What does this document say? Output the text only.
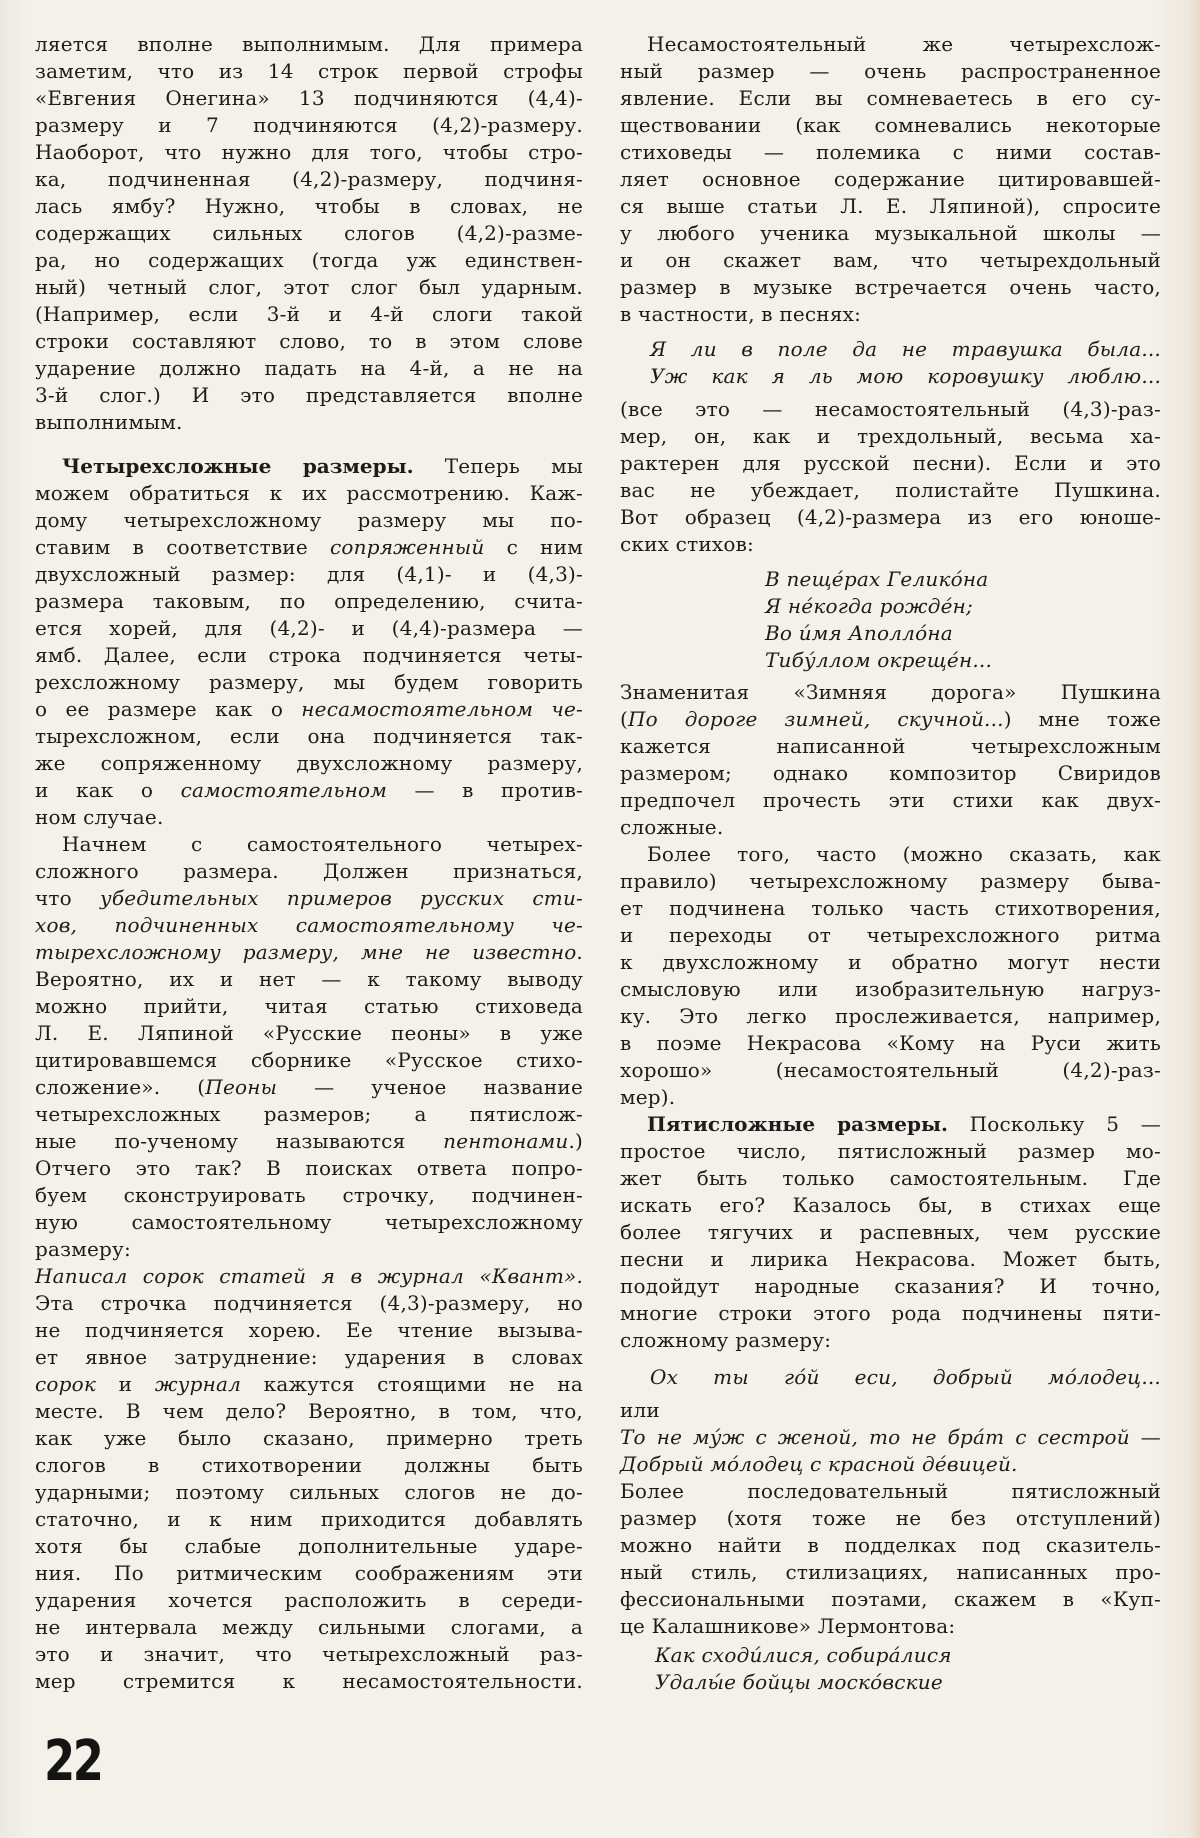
ляется вполне выполнимым. Для примера
заметим, что из 14 строк первой строфы
«Евгения Онегина» 13 подчиняются (4,4)-
размеру и 7 подчиняются (4,2)-размеру.
Наоборот, что нужно для того, чтобы стро-
ка, подчиненная (4,2)-размеру, подчиня-
лась ямбу? Нужно, чтобы в словах, не
содержащих сильных слогов (4,2)-разме-
ра, но содержащих (тогда уж единствен-
ный) четный слог, этот слог был ударным.
(Например, если 3-й и 4-й слоги такой
строки составляют слово, то в этом слове
ударение должно падать на 4-й, а не на
3-й слог.) И это представляется вполне
выполнимым.
Четырехсложные размеры. Теперь мы
можем обратиться к их рассмотрению. Каж-
дому четырехсложному размеру мы по-
ставим в соответствие сопряженный с ним
двухсложный размер: для (4,1)- и (4,3)-
размера таковым, по определению, счита-
ется хорей, для (4,2)- и (4,4)-размера —
ямб. Далее, если строка подчиняется четы-
рехсложному размеру, мы будем говорить
о ее размере как о несамостоятельном че-
тырехсложном, если она подчиняется так-
же сопряженному двухсложному размеру,
и как о самостоятельном — в против-
ном случае.
Начнем с самостоятельного четырех-
сложного размера. Должен признаться,
что убедительных примеров русских сти-
хов, подчиненных самостоятельному че-
тырехсложному размеру, мне не известно.
Вероятно, их и нет — к такому выводу
можно прийти, читая статью стиховеда
Л. Е. Ляпиной «Русские пеоны» в уже
цитировавшемся сборнике «Русское стихо-
сложение». (Пеоны — ученое название
четырехсложных размеров; а пятислож-
ные по-ученому называются пентонами.)
Отчего это так? В поисках ответа попро-
буем сконструировать строчку, подчинен-
ную самостоятельному четырехсложному
размеру:
Написал сорок статей я в журнал «Квант».
Эта строчка подчиняется (4,3)-размеру, но
не подчиняется хорею. Ее чтение вызыва-
ет явное затруднение: ударения в словах
сорок и журнал кажутся стоящими не на
месте. В чем дело? Вероятно, в том, что,
как уже было сказано, примерно треть
слогов в стихотворении должны быть
ударными; поэтому сильных слогов не до-
статочно, и к ним приходится добавлять
хотя бы слабые дополнительные ударе-
ния. По ритмическим соображениям эти
ударения хочется расположить в середи-
не интервала между сильными слогами, а
это и значит, что четырехсложный раз-
мер стремится к несамостоятельности.
Несамостоятельный же четырехслож-
ный размер — очень распространенное
явление. Если вы сомневаетесь в его су-
ществовании (как сомневались некоторые
стиховеды — полемика с ними состав-
ляет основное содержание цитировавшей-
ся выше статьи Л. Е. Ляпиной), спросите
у любого ученика музыкальной школы —
и он скажет вам, что четырехдольный
размер в музыке встречается очень часто,
в частности, в песнях:
Я ли в поле да не травушка была...
Уж как я ль мою коровушку люблю...
(все это — несамостоятельный (4,3)-раз-
мер, он, как и трехдольный, весьма ха-
рактерен для русской песни). Если и это
вас не убеждает, полистайте Пушкина.
Вот образец (4,2)-размера из его юноше-
ских стихов:
В пеще́рах Гелико́на
Я не́когда рожде́н;
Во и́мя Аполло́на
Тибу́ллом окреще́н...
Знаменитая «Зимняя дорога» Пушкина
(По дороге зимней, скучной...) мне тоже
кажется написанной четырехсложным
размером; однако композитор Свиридов
предпочел прочесть эти стихи как двух-
сложные.
Более того, часто (можно сказать, как
правило) четырехсложному размеру быва-
ет подчинена только часть стихотворения,
и переходы от четырехсложного ритма
к двухсложному и обратно могут нести
смысловую или изобразительную нагруз-
ку. Это легко прослеживается, например,
в поэме Некрасова «Кому на Руси жить
хорошо» (несамостоятельный (4,2)-раз-
мер).
Пятисложные размеры. Поскольку 5 —
простое число, пятисложный размер мо-
жет быть только самостоятельным. Где
искать его? Казалось бы, в стихах еще
более тягучих и распевных, чем русские
песни и лирика Некрасова. Может быть,
подойдут народные сказания? И точно,
многие строки этого рода подчинены пяти-
сложному размеру:
Ох ты го́й еси, добрый мо́лодец...
или
То не му́ж с женой, то не бра́т с сестрой —
Добрый мо́лодец с красной де́вицей.
Более последовательный пятисложный
размер (хотя тоже не без отступлений)
можно найти в подделках под сказитель-
ный стиль, стилизациях, написанных про-
фессиональными поэтами, скажем в «Куп-
це Калашникове» Лермонтова:
Как сходи́лися, собира́лися
Удалы́е бойцы моско́вские
22
